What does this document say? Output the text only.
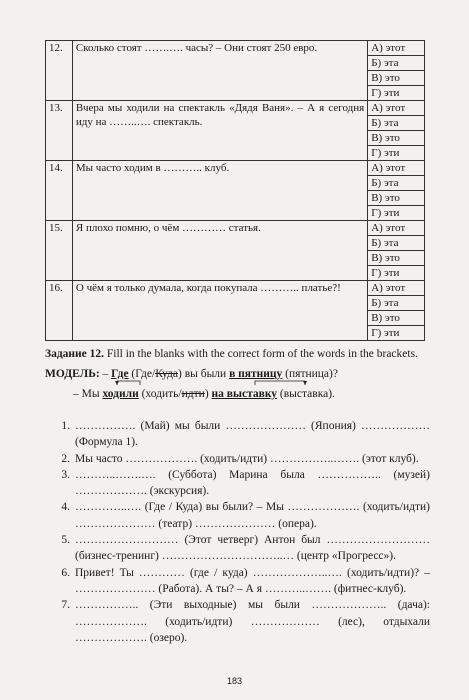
12.	Сколько стоят …….…. часы? – Они стоят 250 евро.	А) этот
		Б) эта
		В) это
		Г) эти
13.	Вчера мы ходили на спектакль «Дядя Ваня». – А я сегодня иду на ……..…. спектакль.	А) этот
		Б) эта
		В) это
		Г) эти
14.	Мы часто ходим в ……….. клуб.	А) этот
		Б) эта
		В) это
		Г) эти
15.	Я плохо помню, о чём ………… статья.	А) этот
		Б) эта
		В) это
		Г) эти
16.	О чём я только думала, когда покупала ……….. платье?!	А) этот
		Б) эта
		В) это
		Г) эти
Задание 12. Fill in the blanks with the correct form of the words in the brackets.
МОДЕЛЬ: – Где (Где/Куда) вы были в пятницу (пятница)?
– Мы ходили (ходить/идти) на выставку (выставка).
1. ……………. (Май) мы были ………………… (Япония) ……………… (Формула 1).
2. Мы часто ………………. (ходить/идти) ……………..……. (этот клуб).
3. ………..…….…. (Суббота) Марина была …………….. (музей) ………………. (экскурсия).
4. …………..…. (Где / Куда) вы были? – Мы ………………. (ходить/идти) ………………… (театр) ………………… (опера).
5. ……………………… (Этот четверг) Антон был ……………………… (бизнес-тренинг) …………………………..… (центр «Прогресс»).
6. Привет! Ты ………… (где / куда) ………………..…. (ходить/идти)? – ………………… (Работа). А ты? – А я ………..……. (фитнес-клуб).
7. …………….. (Эти выходные) мы были ……………….. (дача): ………………. (ходить/идти) ……………… (лес), отдыхали ………………. (озеро).
183
